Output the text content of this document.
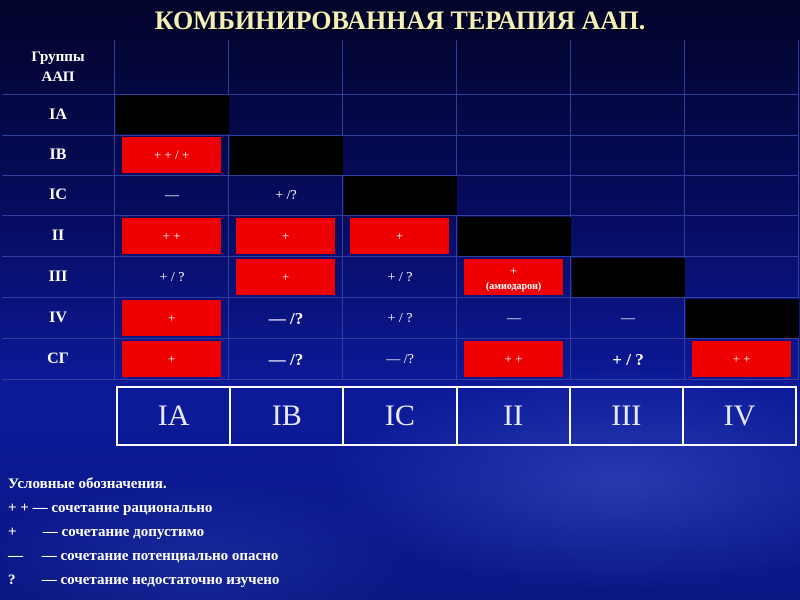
КОМБИНИРОВАННАЯ ТЕРАПИЯ ААП.
Группы
ААП
IA
IB	+ + / +
IC	—	+ /?
II	+ +	+	+
III	+ / ?	+	+ / ?	+
(амиодарон)
IV	+	— /?	+ / ?	—	—
СГ	+	— /?	— /?	+ +	+ / ?	+ +
IA	IB	IC	II	III	IV
Условные обозначения.
+ + — сочетание рационально
+       — сочетание допустимо
—     — сочетание потенциально опасно
?       — сочетание недостаточно изучено
